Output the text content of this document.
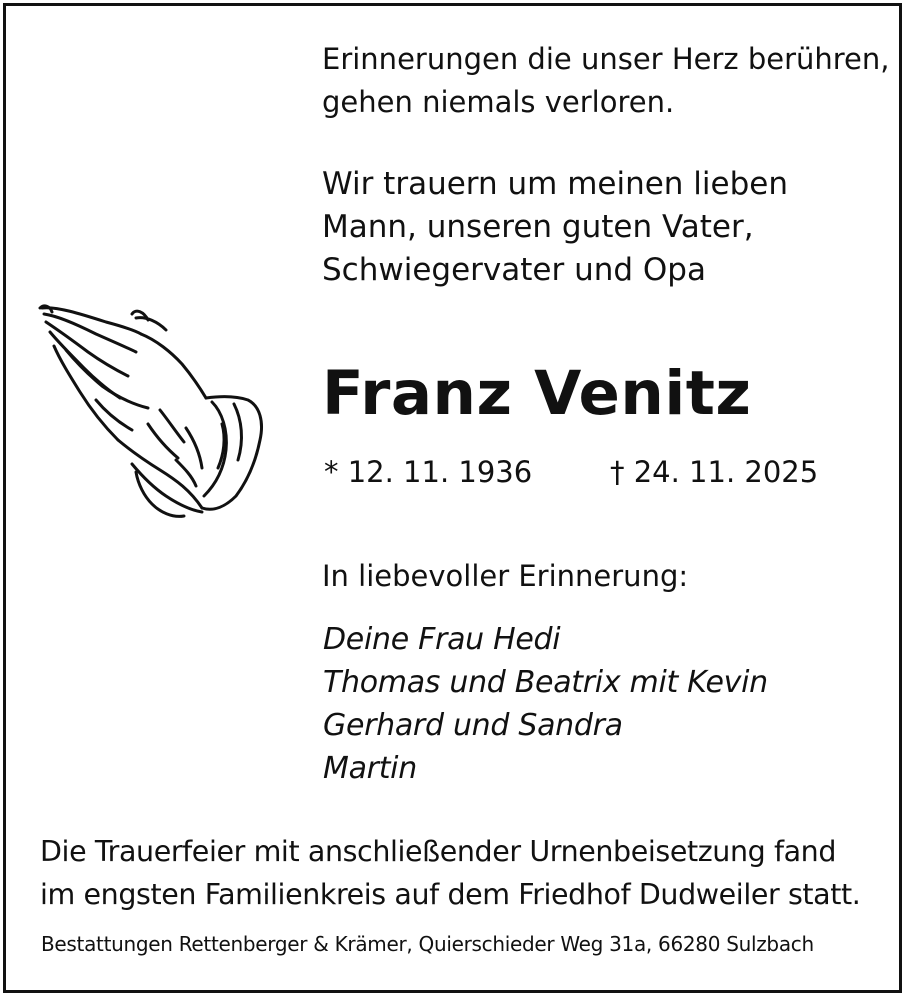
Erinnerungen die unser Herz berühren,
gehen niemals verloren.
Wir trauern um meinen lieben
Mann, unseren guten Vater,
Schwiegervater und Opa
Franz Venitz
* 12. 11. 1936	† 24. 11. 2025
In liebevoller Erinnerung:
Deine Frau Hedi
Thomas und Beatrix mit Kevin
Gerhard und Sandra
Martin
Die Trauerfeier mit anschließender Urnenbeisetzung fand
im engsten Familienkreis auf dem Friedhof Dudweiler statt.
Bestattungen Rettenberger & Krämer, Quierschieder Weg 31a, 66280 Sulzbach
